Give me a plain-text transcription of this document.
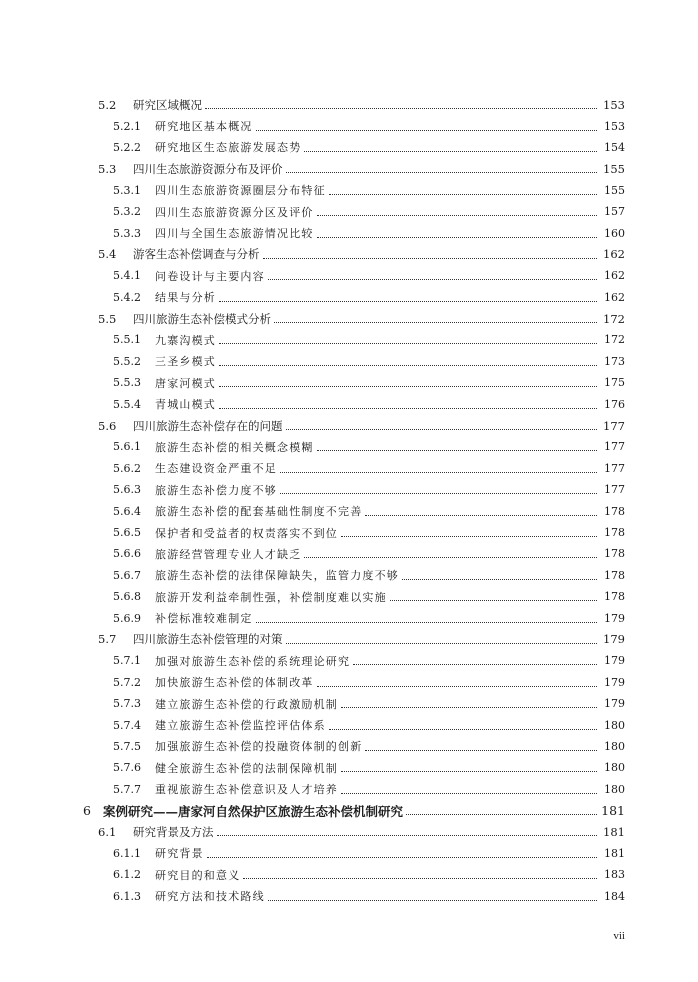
5.2	研究区域概况	153
5.2.1	研究地区基本概况	153
5.2.2	研究地区生态旅游发展态势	154
5.3	四川生态旅游资源分布及评价	155
5.3.1	四川生态旅游资源圈层分布特征	155
5.3.2	四川生态旅游资源分区及评价	157
5.3.3	四川与全国生态旅游情况比较	160
5.4	游客生态补偿调查与分析	162
5.4.1	问卷设计与主要内容	162
5.4.2	结果与分析	162
5.5	四川旅游生态补偿模式分析	172
5.5.1	九寨沟模式	172
5.5.2	三圣乡模式	173
5.5.3	唐家河模式	175
5.5.4	青城山模式	176
5.6	四川旅游生态补偿存在的问题	177
5.6.1	旅游生态补偿的相关概念模糊	177
5.6.2	生态建设资金严重不足	177
5.6.3	旅游生态补偿力度不够	177
5.6.4	旅游生态补偿的配套基础性制度不完善	178
5.6.5	保护者和受益者的权责落实不到位	178
5.6.6	旅游经营管理专业人才缺乏	178
5.6.7	旅游生态补偿的法律保障缺失，监管力度不够	178
5.6.8	旅游开发利益牵制性强，补偿制度难以实施	178
5.6.9	补偿标准较难制定	179
5.7	四川旅游生态补偿管理的对策	179
5.7.1	加强对旅游生态补偿的系统理论研究	179
5.7.2	加快旅游生态补偿的体制改革	179
5.7.3	建立旅游生态补偿的行政激励机制	179
5.7.4	建立旅游生态补偿监控评估体系	180
5.7.5	加强旅游生态补偿的投融资体制的创新	180
5.7.6	健全旅游生态补偿的法制保障机制	180
5.7.7	重视旅游生态补偿意识及人才培养	180
6 案例研究——唐家河自然保护区旅游生态补偿机制研究	181
6.1	研究背景及方法	181
6.1.1	研究背景	181
6.1.2	研究目的和意义	183
6.1.3	研究方法和技术路线	184
vii
